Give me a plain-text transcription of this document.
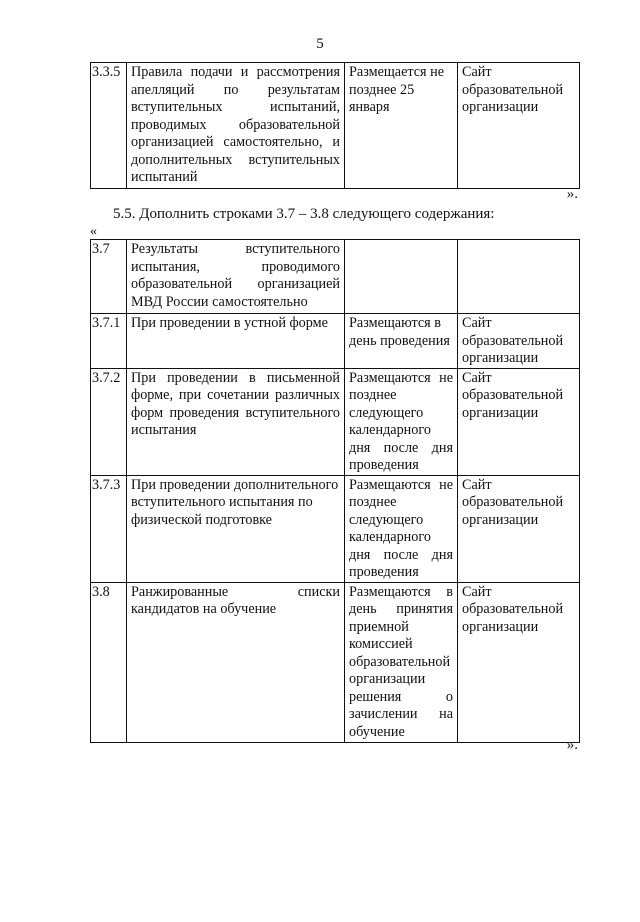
5
3.3.5	Правила подачи и рассмотрения апелляций по результатам вступительных испытаний, проводимых образовательной организацией самостоятельно, и дополнительных вступительных испытаний	Размещается не позднее 25 января	Сайт образовательной организации
».
5.5. Дополнить строками 3.7 – 3.8 следующего содержания:
«
3.7	Результаты вступительного испытания, проводимого образовательной организацией МВД России самостоятельно		
3.7.1	При проведении в устной форме	Размещаются в день проведения	Сайт образовательной организации
3.7.2	При проведении в письменной форме, при сочетании различных форм проведения вступительного испытания	Размещаются не позднее следующего календарного дня после дня проведения	Сайт образовательной организации
3.7.3	При проведении дополнительного вступительного испытания по физической подготовке	Размещаются не позднее следующего календарного дня после дня проведения	Сайт образовательной организации
3.8	Ранжированные списки кандидатов на обучение	Размещаются в день принятия приемной комиссией образовательной организации решения о зачислении на обучение	Сайт образовательной организации
».
